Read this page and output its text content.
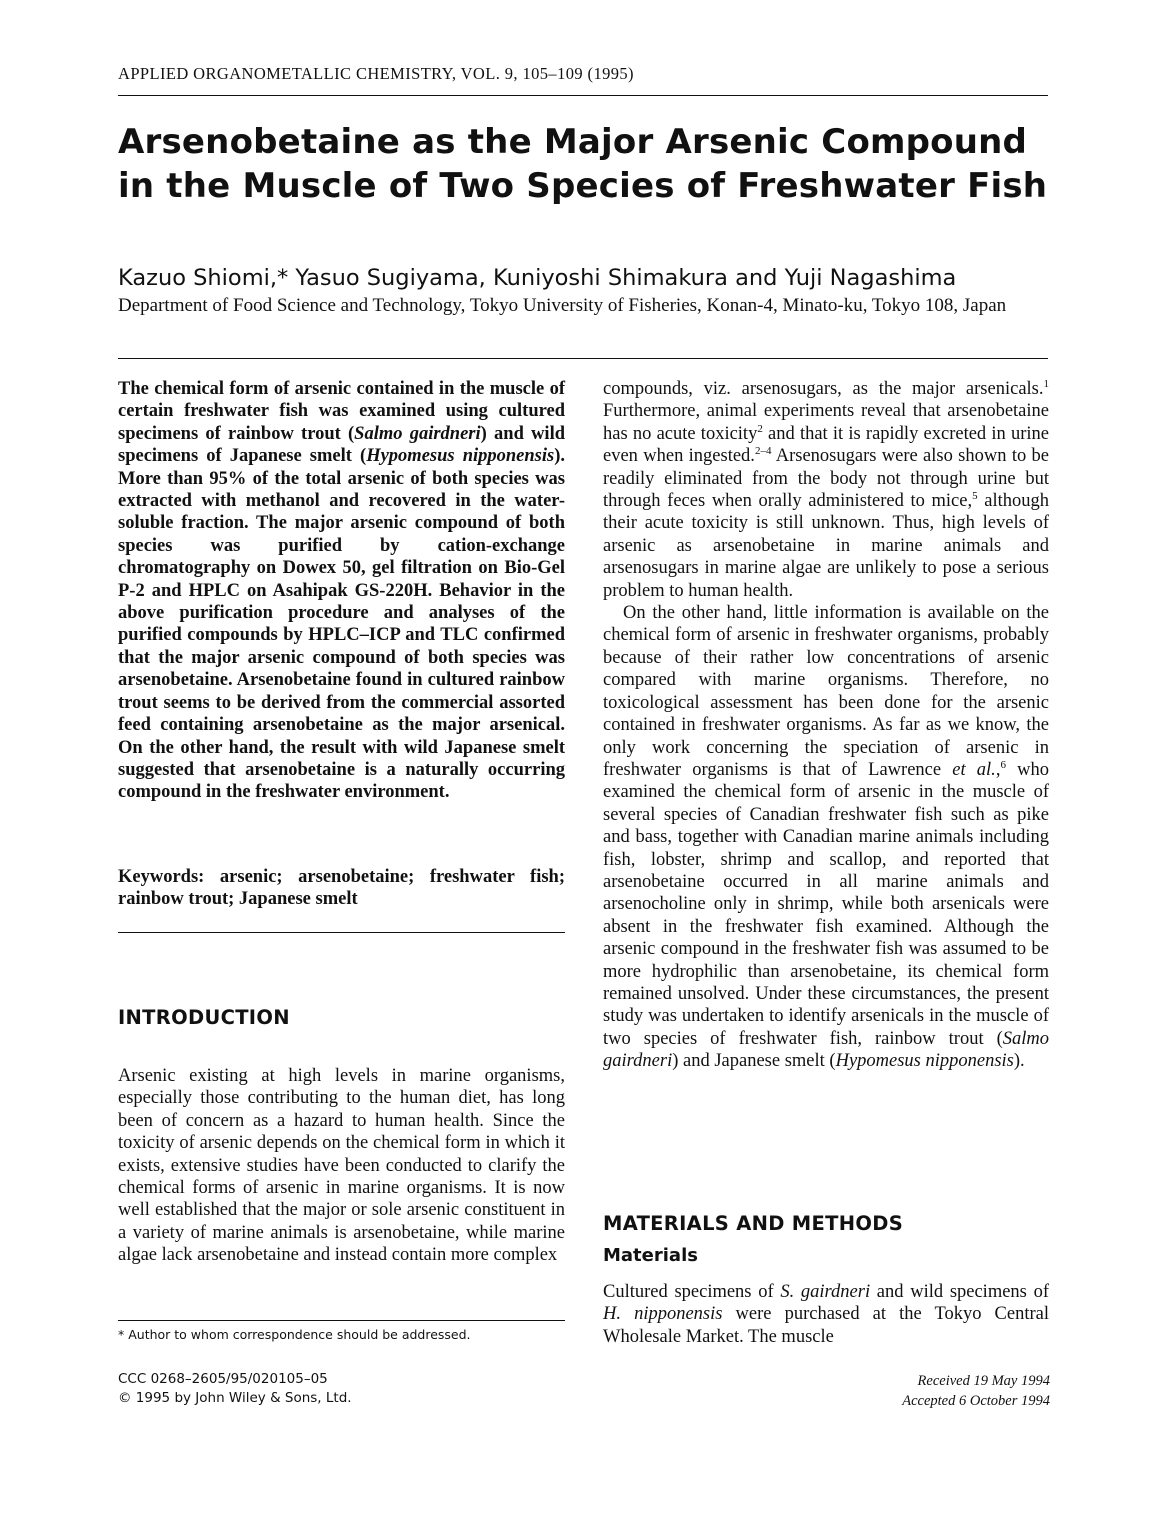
APPLIED ORGANOMETALLIC CHEMISTRY, VOL. 9, 105–109 (1995)
Arsenobetaine as the Major Arsenic Compound in the Muscle of Two Species of Freshwater Fish
Kazuo Shiomi,* Yasuo Sugiyama, Kuniyoshi Shimakura and Yuji Nagashima
Department of Food Science and Technology, Tokyo University of Fisheries, Konan-4, Minato-ku, Tokyo 108, Japan

The chemical form of arsenic contained in the muscle of certain freshwater fish was examined using cultured specimens of rainbow trout (Salmo gairdneri) and wild specimens of Japanese smelt (Hypomesus nipponensis). More than 95% of the total arsenic of both species was extracted with methanol and recovered in the water-soluble fraction. The major arsenic compound of both species was purified by cation-exchange chromatography on Dowex 50, gel filtration on Bio-Gel P-2 and HPLC on Asahipak GS-220H. Behavior in the above purification procedure and analyses of the purified compounds by HPLC–ICP and TLC confirmed that the major arsenic compound of both species was arsenobetaine. Arsenobetaine found in cultured rainbow trout seems to be derived from the commercial assorted feed containing arsenobetaine as the major arsenical. On the other hand, the result with wild Japanese smelt suggested that arsenobetaine is a naturally occurring compound in the freshwater environment.

Keywords: arsenic; arsenobetaine; freshwater fish; rainbow trout; Japanese smelt
INTRODUCTION

Arsenic existing at high levels in marine organisms, especially those contributing to the human diet, has long been of concern as a hazard to human health. Since the toxicity of arsenic depends on the chemical form in which it exists, extensive studies have been conducted to clarify the chemical forms of arsenic in marine organisms. It is now well established that the major or sole arsenic constituent in a variety of marine animals is arsenobetaine, while marine algae lack arsenobetaine and instead contain more complex

* Author to whom correspondence should be addressed.
CCC 0268–2605/95/020105–05
© 1995 by John Wiley & Sons, Ltd.

compounds, viz. arsenosugars, as the major arsenicals.$^1$ Furthermore, animal experiments reveal that arsenobetaine has no acute toxicity$^2$ and that it is rapidly excreted in urine even when ingested.$^{2-4}$ Arsenosugars were also shown to be readily eliminated from the body not through urine but through feces when orally administered to mice,$^5$ although their acute toxicity is still unknown. Thus, high levels of arsenic as arsenobetaine in marine animals and arsenosugars in marine algae are unlikely to pose a serious problem to human health.

On the other hand, little information is available on the chemical form of arsenic in freshwater organisms, probably because of their rather low concentrations of arsenic compared with marine organisms. Therefore, no toxicological assessment has been done for the arsenic contained in freshwater organisms. As far as we know, the only work concerning the speciation of arsenic in freshwater organisms is that of Lawrence et al.,$^6$ who examined the chemical form of arsenic in the muscle of several species of Canadian freshwater fish such as pike and bass, together with Canadian marine animals including fish, lobster, shrimp and scallop, and reported that arsenobetaine occurred in all marine animals and arsenocholine only in shrimp, while both arsenicals were absent in the freshwater fish examined. Although the arsenic compound in the freshwater fish was assumed to be more hydrophilic than arsenobetaine, its chemical form remained unsolved. Under these circumstances, the present study was undertaken to identify arsenicals in the muscle of two species of freshwater fish, rainbow trout (Salmo gairdneri) and Japanese smelt (Hypomesus nipponensis).

MATERIALS AND METHODS
Materials
Cultured specimens of S. gairdneri and wild specimens of H. nipponensis were purchased at the Tokyo Central Wholesale Market. The muscle
Received 19 May 1994
Accepted 6 October 1994
